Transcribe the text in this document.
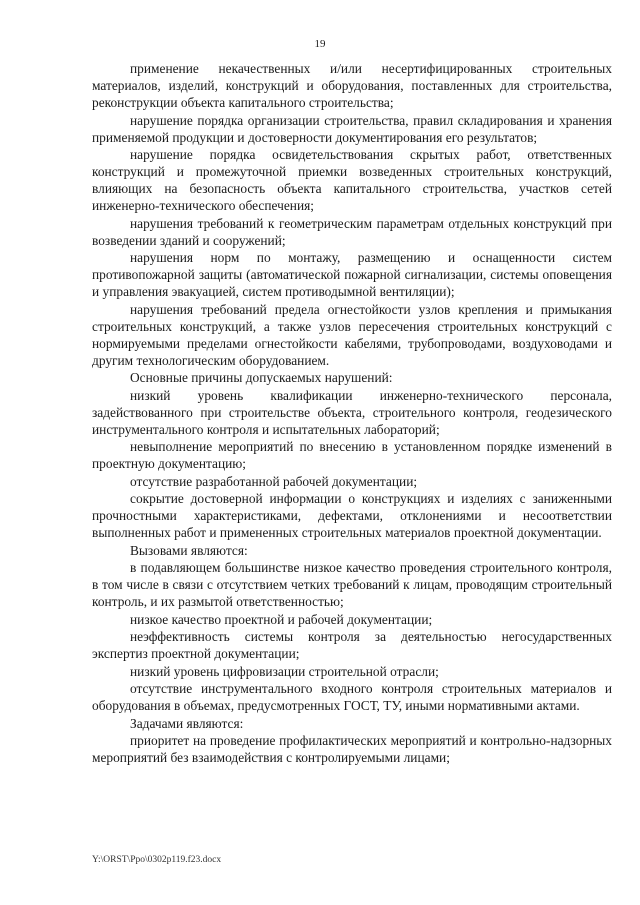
19

применение некачественных и/или несертифицированных строительных материалов, изделий, конструкций и оборудования, поставленных для строительства, реконструкции объекта капитального строительства;

нарушение порядка организации строительства, правил складирования и хранения применяемой продукции и достоверности документирования его результатов;

нарушение порядка освидетельствования скрытых работ, ответственных конструкций и промежуточной приемки возведенных строительных конструкций, влияющих на безопасность объекта капитального строительства, участков сетей инженерно-технического обеспечения;

нарушения требований к геометрическим параметрам отдельных конструкций при возведении зданий и сооружений;

нарушения норм по монтажу, размещению и оснащенности систем противопожарной защиты (автоматической пожарной сигнализации, системы оповещения и управления эвакуацией, систем противодымной вентиляции);

нарушения требований предела огнестойкости узлов крепления и примыкания строительных конструкций, а также узлов пересечения строительных конструкций с нормируемыми пределами огнестойкости кабелями, трубопроводами, воздуховодами и другим технологическим оборудованием.

Основные причины допускаемых нарушений:

низкий уровень квалификации инженерно-технического персонала, задействованного при строительстве объекта, строительного контроля, геодезического инструментального контроля и испытательных лабораторий;

невыполнение мероприятий по внесению в установленном порядке изменений в проектную документацию;

отсутствие разработанной рабочей документации;

сокрытие достоверной информации о конструкциях и изделиях с заниженными прочностными характеристиками, дефектами, отклонениями и несоответствии выполненных работ и примененных строительных материалов проектной документации.

Вызовами являются:

в подавляющем большинстве низкое качество проведения строительного контроля, в том числе в связи с отсутствием четких требований к лицам, проводящим строительный контроль, и их размытой ответственностью;

низкое качество проектной и рабочей документации;

неэффективность системы контроля за деятельностью негосударственных экспертиз проектной документации;

низкий уровень цифровизации строительной отрасли;

отсутствие инструментального входного контроля строительных материалов и оборудования в объемах, предусмотренных ГОСТ, ТУ, иными нормативными актами.

Задачами являются:

приоритет на проведение профилактических мероприятий и контрольно-надзорных мероприятий без взаимодействия с контролируемыми лицами;

Y:\ORST\Ppo\0302p119.f23.docx
